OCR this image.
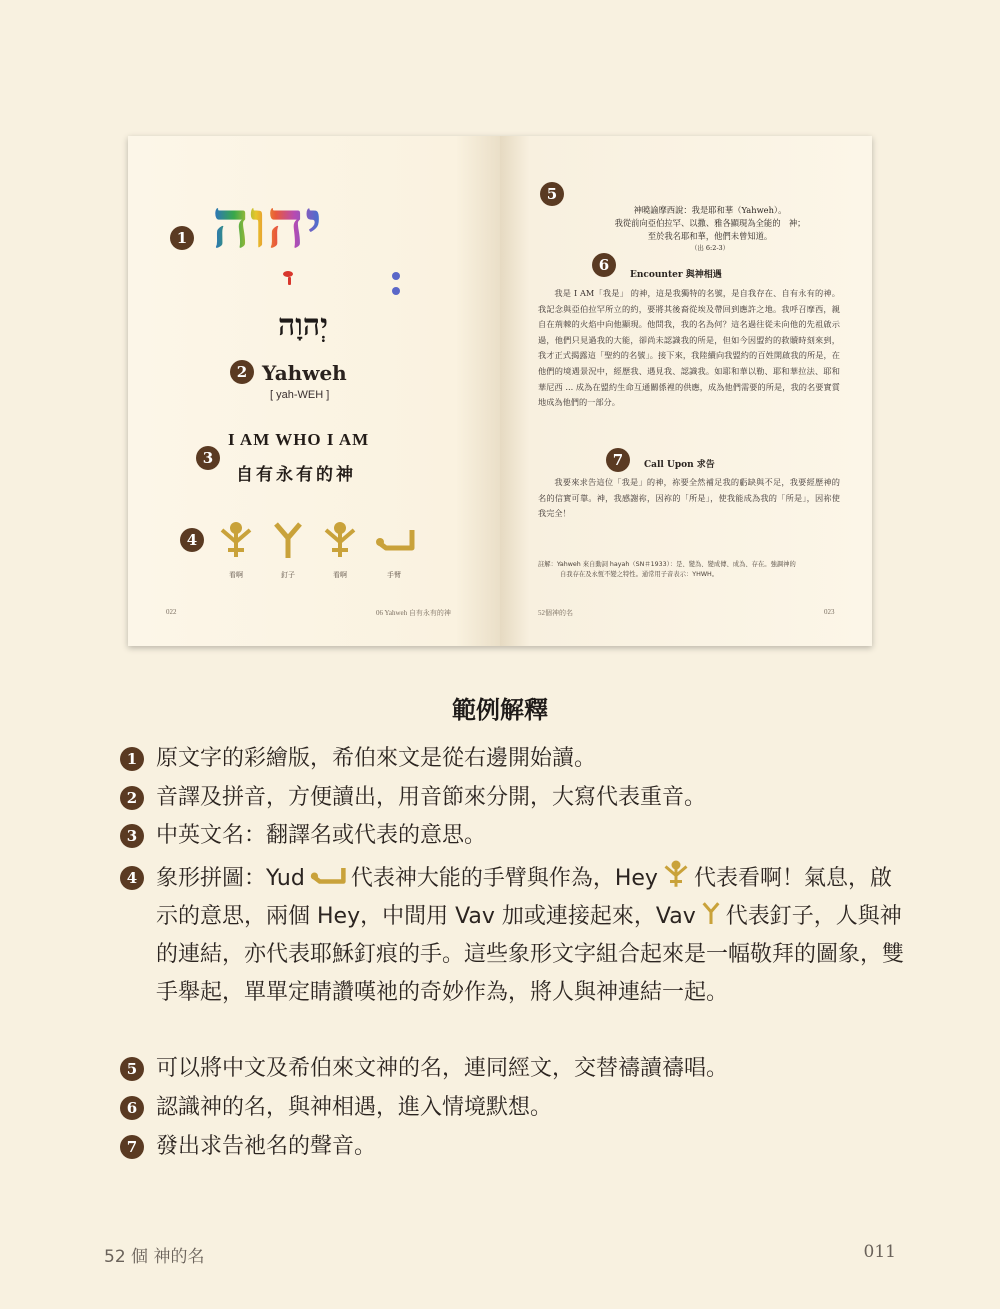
1 יהוה
יְהוָה
2 Yahweh
[ yah-WEH ]
3
I AM WHO I AM
自有永有的神
4
看啊	釘子	看啊	手臂
022	06 Yahweh 自有永有的神
5
神曉諭摩西說：我是耶和華（Yahweh）。
我從前向亞伯拉罕、以撒、雅各顯現為全能的　神；
至於我名耶和華，他們未曾知道。
（出 6:2-3）
6
Encounter 與神相遇
我是 I AM「我是」 的神，這是我獨特的名號，是自我存在、自有永有的神。我記念與亞伯拉罕所立的約，要將其後裔從埃及帶回到應許之地。我呼召摩西，親自在荊棘的火焰中向他顯現。他問我，我的名為何？這名過往從未向他的先祖啟示過，他們只見過我的大能，卻尚未認識我的所是，但如今因盟約的救贖時刻來到，我才正式揭露這「聖約的名號」。接下來，我陸續向我盟約的百姓開啟我的所是，在他們的境遇景況中，經歷我、遇見我、認識我。如耶和華以勒、耶和華拉法、耶和華尼西 ... 成為在盟約生命互通關係裡的供應，成為他們需要的所是，我的名要實質地成為他們的一部分。
7	Call Upon 求告
我要來求告這位「我是」的神，祢要全然補足我的虧缺與不足，我要經歷神的名的信實可靠。神，我感謝祢，因祢的「所是」，使我能成為我的「所是」，因祢使我完全！
註解：Yahweh 來自動詞 hayah（SN＃1933）：是、變為、變成傳、成為、存在。強調神的
自我存在及永恆不變之特性。通常用子音表示：YHWH。
52個神的名	023
範例解釋
1 原文字的彩繪版，希伯來文是從右邊開始讀。
2 音譯及拼音，方便讀出，用音節來分開，大寫代表重音。
3 中英文名：翻譯名或代表的意思。
4 象形拼圖：Yud 代表神大能的手臂與作為，Hey 代表看啊！氣息，啟示的意思，兩個 Hey，中間用 Vav 加或連接起來，Vav 代表釘子，人與神的連結，亦代表耶穌釘痕的手。這些象形文字組合起來是一幅敬拜的圖象，雙手舉起，單單定睛讚嘆祂的奇妙作為，將人與神連結一起。
5 可以將中文及希伯來文神的名，連同經文，交替禱讀禱唱。
6 認識神的名，與神相遇，進入情境默想。
7 發出求告祂名的聲音。
52 個 神的名	011
